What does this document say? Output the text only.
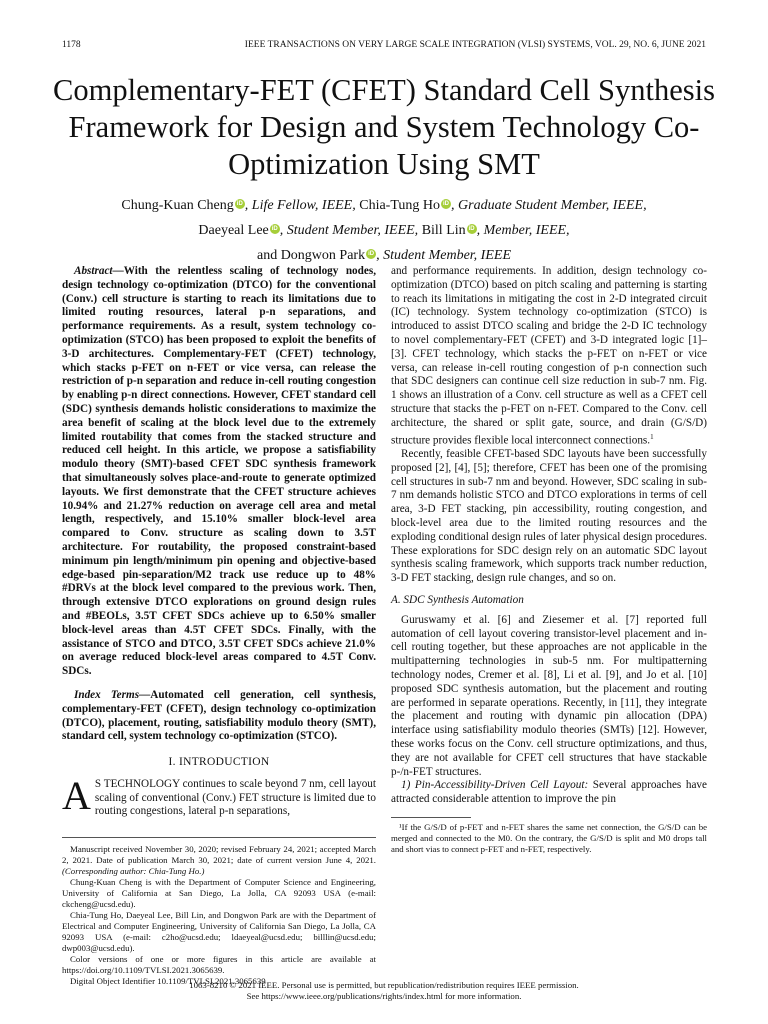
1178	IEEE TRANSACTIONS ON VERY LARGE SCALE INTEGRATION (VLSI) SYSTEMS, VOL. 29, NO. 6, JUNE 2021
Complementary-FET (CFET) Standard Cell Synthesis Framework for Design and System Technology Co-Optimization Using SMT
Chung-Kuan Cheng iD , Life Fellow, IEEE, Chia-Tung Ho iD , Graduate Student Member, IEEE,
Daeyeal Lee iD , Student Member, IEEE, Bill Lin iD , Member, IEEE,
and Dongwon Park iD , Student Member, IEEE

Abstract—With the relentless scaling of technology nodes, design technology co-optimization (DTCO) for the conventional (Conv.) cell structure is starting to reach its limitations due to limited routing resources, lateral p-n separations, and performance requirements. As a result, system technology co-optimization (STCO) has been proposed to exploit the benefits of 3-D architectures. Complementary-FET (CFET) technology, which stacks p-FET on n-FET or vice versa, can release the restriction of p-n separation and reduce in-cell routing congestion by enabling p-n direct connections. However, CFET standard cell (SDC) synthesis demands holistic considerations to maximize the area benefit of scaling at the block level due to the extremely limited routability that comes from the stacked structure and reduced cell height. In this article, we propose a satisfiability modulo theory (SMT)-based CFET SDC synthesis framework that simultaneously solves place-and-route to generate optimized layouts. We first demonstrate that the CFET structure achieves 10.94% and 21.27% reduction on average cell area and metal length, respectively, and 15.10% smaller block-level area compared to Conv. structure as scaling down to 3.5T architecture. For routability, the proposed constraint-based minimum pin length/minimum pin opening and objective-based edge-based pin-separation/M2 track use reduce up to 48% #DRVs at the block level compared to the previous work. Then, through extensive DTCO explorations on ground design rules and #BEOLs, 3.5T CFET SDCs achieve up to 6.50% smaller block-level areas than 4.5T CFET SDCs. Finally, with the assistance of STCO and DTCO, 3.5T CFET SDCs achieve 21.0% on average reduced block-level areas compared to 4.5T Conv. SDCs.

Index Terms—Automated cell generation, cell synthesis, complementary-FET (CFET), design technology co-optimization (DTCO), placement, routing, satisfiability modulo theory (SMT), standard cell, system technology co-optimization (STCO).

I. INTRODUCTION

A S TECHNOLOGY continues to scale beyond 7 nm, cell layout scaling of conventional (Conv.) FET structure is limited due to routing congestions, lateral p-n separations,

Manuscript received November 30, 2020; revised February 24, 2021; accepted March 2, 2021. Date of publication March 30, 2021; date of current version June 4, 2021. (Corresponding author: Chia-Tung Ho.)

Chung-Kuan Cheng is with the Department of Computer Science and Engineering, University of California at San Diego, La Jolla, CA 92093 USA (e-mail: ckcheng@ucsd.edu).

Chia-Tung Ho, Daeyeal Lee, Bill Lin, and Dongwon Park are with the Department of Electrical and Computer Engineering, University of California San Diego, La Jolla, CA 92093 USA (e-mail: c2ho@ucsd.edu; ldaeyeal@ucsd.edu; billlin@ucsd.edu; dwp003@ucsd.edu).

Color versions of one or more figures in this article are available at https://doi.org/10.1109/TVLSI.2021.3065639.

Digital Object Identifier 10.1109/TVLSI.2021.3065639

and performance requirements. In addition, design technology co-optimization (DTCO) based on pitch scaling and patterning is starting to reach its limitations in mitigating the cost in 2-D integrated circuit (IC) technology. System technology co-optimization (STCO) is introduced to assist DTCO scaling and bridge the 2-D IC technology to novel complementary-FET (CFET) and 3-D integrated logic [1]–[3]. CFET technology, which stacks the p-FET on n-FET or vice versa, can release in-cell routing congestion of p-n connection such that SDC designers can continue cell size reduction in sub-7 nm. Fig. 1 shows an illustration of a Conv. cell structure as well as a CFET cell structure that stacks the p-FET on n-FET. Compared to the Conv. cell architecture, the shared or split gate, source, and drain (G/S/D) structure provides flexible local interconnect connections.$^1$

Recently, feasible CFET-based SDC layouts have been successfully proposed [2], [4], [5]; therefore, CFET has been one of the promising cell structures in sub-7 nm and beyond. However, SDC scaling in sub-7 nm demands holistic STCO and DTCO explorations in terms of cell area, 3-D FET stacking, pin accessibility, routing congestion, and block-level area due to the limited routing resources and the exploding conditional design rules of later physical design procedures. These explorations for SDC design rely on an automatic SDC layout synthesis scaling framework, which supports track number reduction, 3-D FET stacking, design rule changes, and so on.

A. SDC Synthesis Automation

Guruswamy et al. [6] and Ziesemer et al. [7] reported full automation of cell layout covering transistor-level placement and in-cell routing together, but these approaches are not applicable in the multipatterning technologies in sub-5 nm. For multipatterning technology nodes, Cremer et al. [8], Li et al. [9], and Jo et al. [10] proposed SDC synthesis automation, but the placement and routing are performed in separate operations. Recently, in [11], they integrate the placement and routing with dynamic pin allocation (DPA) interface using satisfiability modulo theories (SMTs) [12]. However, these works focus on the Conv. cell structure optimizations, and thus, they are not available for CFET cell structures that have stackable p-/n-FET structures.

1) Pin-Accessibility-Driven Cell Layout: Several approaches have attracted considerable attention to improve the pin

¹If the G/S/D of p-FET and n-FET shares the same net connection, the G/S/D can be merged and connected to the M0. On the contrary, the G/S/D is split and M0 drops tall and short vias to connect p-FET and n-FET, respectively.

1063-8210 © 2021 IEEE. Personal use is permitted, but republication/redistribution requires IEEE permission.
See https://www.ieee.org/publications/rights/index.html for more information.
